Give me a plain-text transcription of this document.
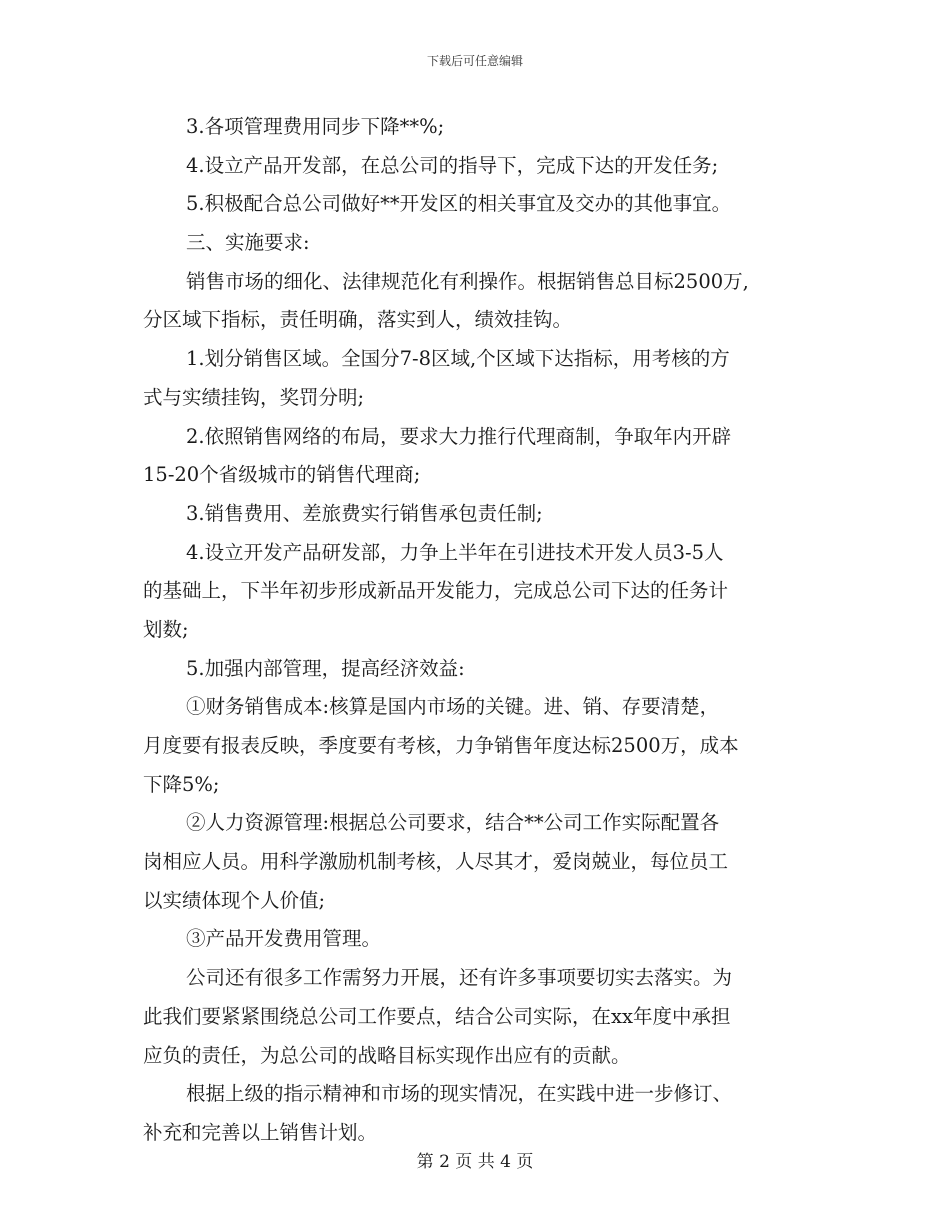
下载后可任意编辑
3.各项管理费用同步下降**%;
4.设立产品开发部，在总公司的指导下，完成下达的开发任务;
5.积极配合总公司做好**开发区的相关事宜及交办的其他事宜。
三、实施要求:
销售市场的细化、法律规范化有利操作。根据销售总目标2500万,
分区域下指标，责任明确，落实到人，绩效挂钩。
1.划分销售区域。全国分7-8区域,个区域下达指标，用考核的方
式与实绩挂钩，奖罚分明;
2.依照销售网络的布局，要求大力推行代理商制，争取年内开辟
15-20个省级城市的销售代理商;
3.销售费用、差旅费实行销售承包责任制;
4.设立开发产品研发部，力争上半年在引进技术开发人员3-5人
的基础上，下半年初步形成新品开发能力，完成总公司下达的任务计
划数;
5.加强内部管理，提高经济效益:
①财务销售成本:核算是国内市场的关键。进、销、存要清楚，
月度要有报表反映，季度要有考核，力争销售年度达标2500万，成本
下降5%;
②人力资源管理:根据总公司要求，结合**公司工作实际配置各
岗相应人员。用科学激励机制考核，人尽其才，爱岗兢业，每位员工
以实绩体现个人价值;
③产品开发费用管理。
公司还有很多工作需努力开展，还有许多事项要切实去落实。为
此我们要紧紧围绕总公司工作要点，结合公司实际，在xx年度中承担
应负的责任，为总公司的战略目标实现作出应有的贡献。
根据上级的指示精神和市场的现实情况，在实践中进一步修订、
补充和完善以上销售计划。
第 2 页 共 4 页
